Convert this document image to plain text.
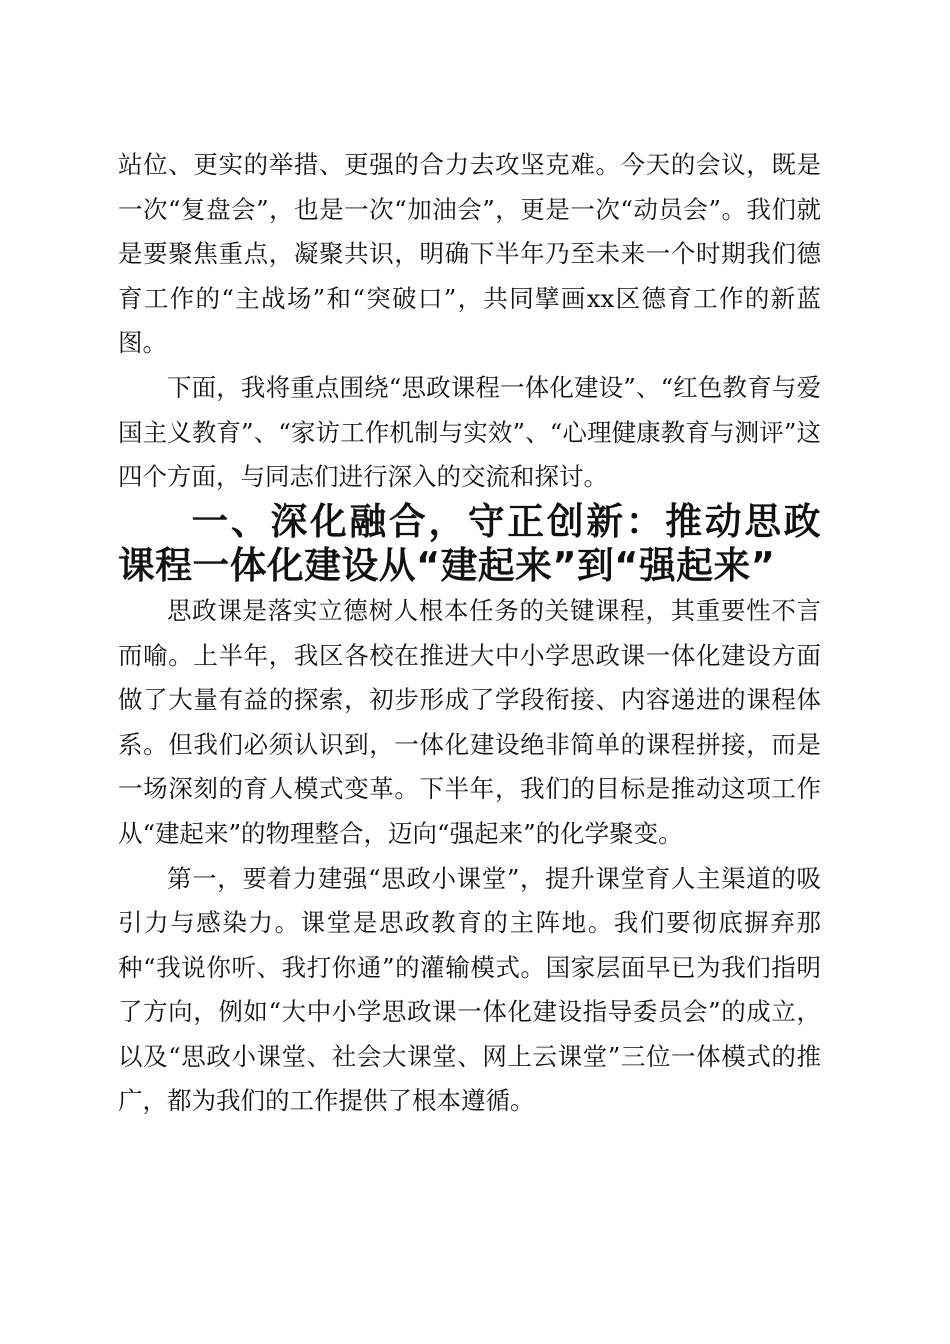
站位、更实的举措、更强的合力去攻坚克难。今天的会议，既是一次“复盘会”，也是一次“加油会”，更是一次“动员会”。我们就是要聚焦重点，凝聚共识，明确下半年乃至未来一个时期我们德育工作的“主战场”和“突破口”，共同擘画xx区德育工作的新蓝图。

下面，我将重点围绕“思政课程一体化建设”、“红色教育与爱国主义教育”、“家访工作机制与实效”、“心理健康教育与测评”这四个方面，与同志们进行深入的交流和探讨。

一、深化融合，守正创新：推动思政课程一体化建设从“建起来”到“强起来”

思政课是落实立德树人根本任务的关键课程，其重要性不言而喻。上半年，我区各校在推进大中小学思政课一体化建设方面做了大量有益的探索，初步形成了学段衔接、内容递进的课程体系。但我们必须认识到，一体化建设绝非简单的课程拼接，而是一场深刻的育人模式变革。下半年，我们的目标是推动这项工作从“建起来”的物理整合，迈向“强起来”的化学聚变。

第一，要着力建强“思政小课堂”，提升课堂育人主渠道的吸引力与感染力。课堂是思政教育的主阵地。我们要彻底摒弃那种“我说你听、我打你通”的灌输模式。国家层面早已为我们指明了方向，例如“大中小学思政课一体化建设指导委员会”的成立，以及“思政小课堂、社会大课堂、网上云课堂”三位一体模式的推广，都为我们的工作提供了根本遵循。
